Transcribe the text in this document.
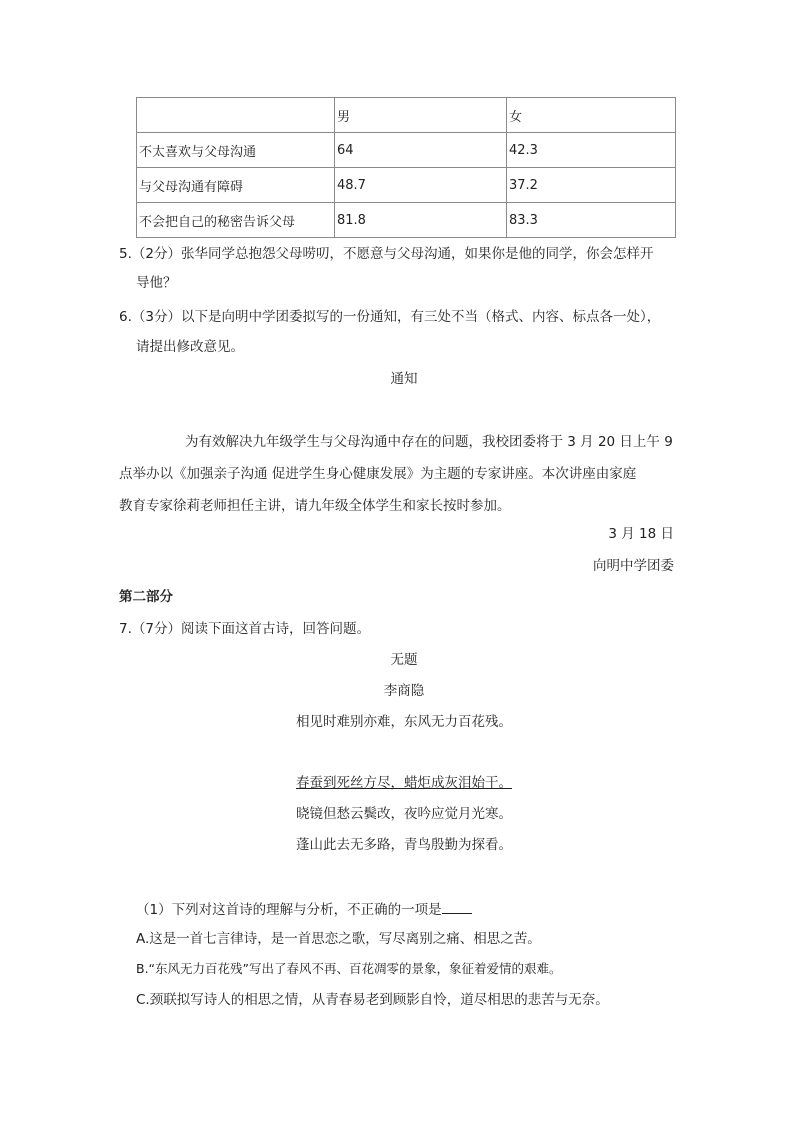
	男	女
不太喜欢与父母沟通	64	42.3
与父母沟通有障碍	48.7	37.2
不会把自己的秘密告诉父母	81.8	83.3
5.（2分）张华同学总抱怨父母唠叨，不愿意与父母沟通，如果你是他的同学，你会怎样开
导他？
6.（3分）以下是向明中学团委拟写的一份通知，有三处不当（格式、内容、标点各一处），
请提出修改意见。
通知
为有效解决九年级学生与父母沟通中存在的问题，我校团委将于 3 月 20 日上午 9
点举办以《加强亲子沟通 促进学生身心健康发展》为主题的专家讲座。本次讲座由家庭
教育专家徐莉老师担任主讲，请九年级全体学生和家长按时参加。
3 月 18 日
向明中学团委
第二部分
7.（7分）阅读下面这首古诗，回答问题。
无题
李商隐
相见时难别亦难，东风无力百花残。
春蚕到死丝方尽，蜡炬成灰泪始干。
晓镜但愁云鬓改，夜吟应觉月光寒。
蓬山此去无多路，青鸟殷勤为探看。
（1）下列对这首诗的理解与分析，不正确的一项是
A.这是一首七言律诗，是一首思恋之歌，写尽离别之痛、相思之苦。
B.“东风无力百花残”写出了春风不再、百花凋零的景象，象征着爱情的艰难。
C.颈联拟写诗人的相思之情，从青春易老到顾影自怜，道尽相思的悲苦与无奈。
